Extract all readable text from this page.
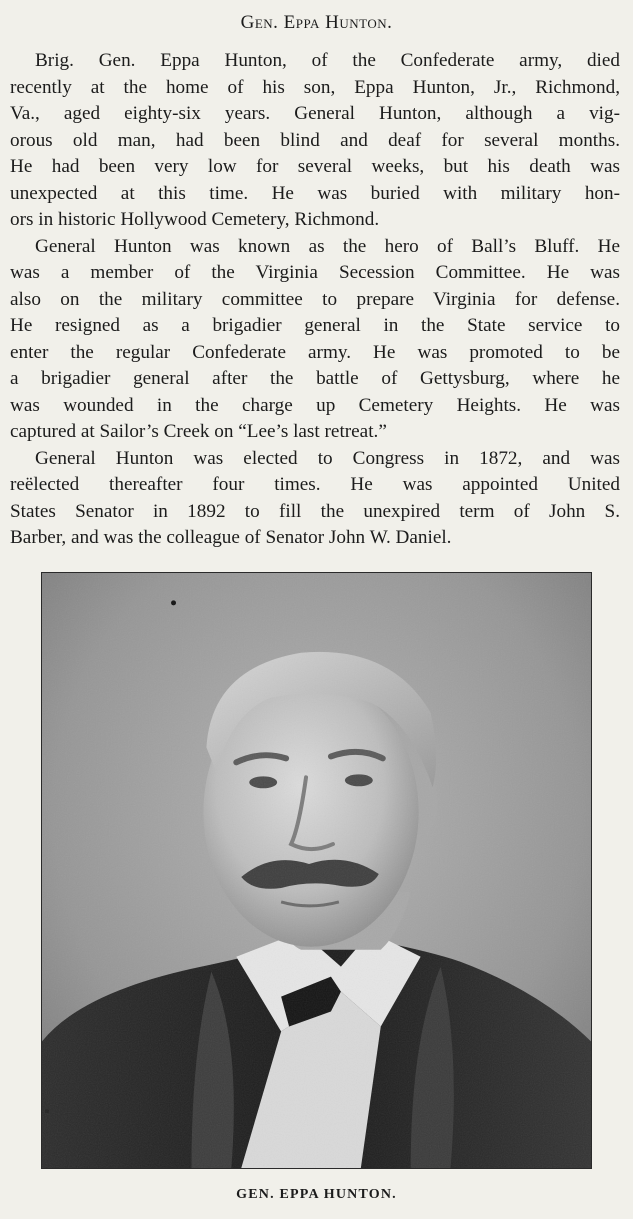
Gen. Eppa Hunton.
Brig. Gen. Eppa Hunton, of the Confederate army, died
recently at the home of his son, Eppa Hunton, Jr., Richmond,
Va., aged eighty-six years. General Hunton, although a vig-
orous old man, had been blind and deaf for several months.
He had been very low for several weeks, but his death was
unexpected at this time. He was buried with military hon-
ors in historic Hollywood Cemetery, Richmond.
General Hunton was known as the hero of Ball’s Bluff. He
was a member of the Virginia Secession Committee. He was
also on the military committee to prepare Virginia for defense.
He resigned as a brigadier general in the State service to
enter the regular Confederate army. He was promoted to be
a brigadier general after the battle of Gettysburg, where he
was wounded in the charge up Cemetery Heights. He was
captured at Sailor’s Creek on “Lee’s last retreat.”
General Hunton was elected to Congress in 1872, and was
reëlected thereafter four times. He was appointed United
States Senator in 1892 to fill the unexpired term of John S.
Barber, and was the colleague of Senator John W. Daniel.
GEN. EPPA HUNTON.
